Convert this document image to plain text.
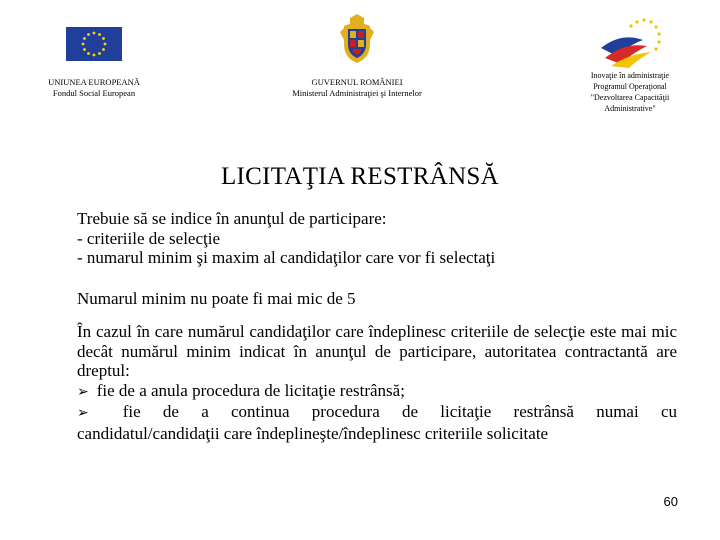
UNIUNEA EUROPEANĂ
Fondul Social European
GUVERNUL ROMÂNIEI
Ministerul Administraţiei şi Internelor
Inovaţie în administraţie
Programul Operaţional
"Dezvoltarea Capacităţii
Administrative"
LICITAŢIA RESTRÂNSĂ
Trebuie să se indice în anunţul de participare:
- criteriile de selecţie
- numarul minim şi maxim al candidaţilor care vor fi selectaţi
Numarul minim nu poate fi mai mic de 5
În cazul în care numărul candidaţilor care îndeplinesc criteriile de selecţie este mai mic decât numărul minim indicat în anunţul de participare, autoritatea contractantă are dreptul:
➢ fie de a anula procedura de licitaţie restrânsă;
➢ fie de a continua procedura de licitaţie restrânsă numai cu
candidatul/candidaţii care îndeplineşte/îndeplinesc criteriile solicitate
60
